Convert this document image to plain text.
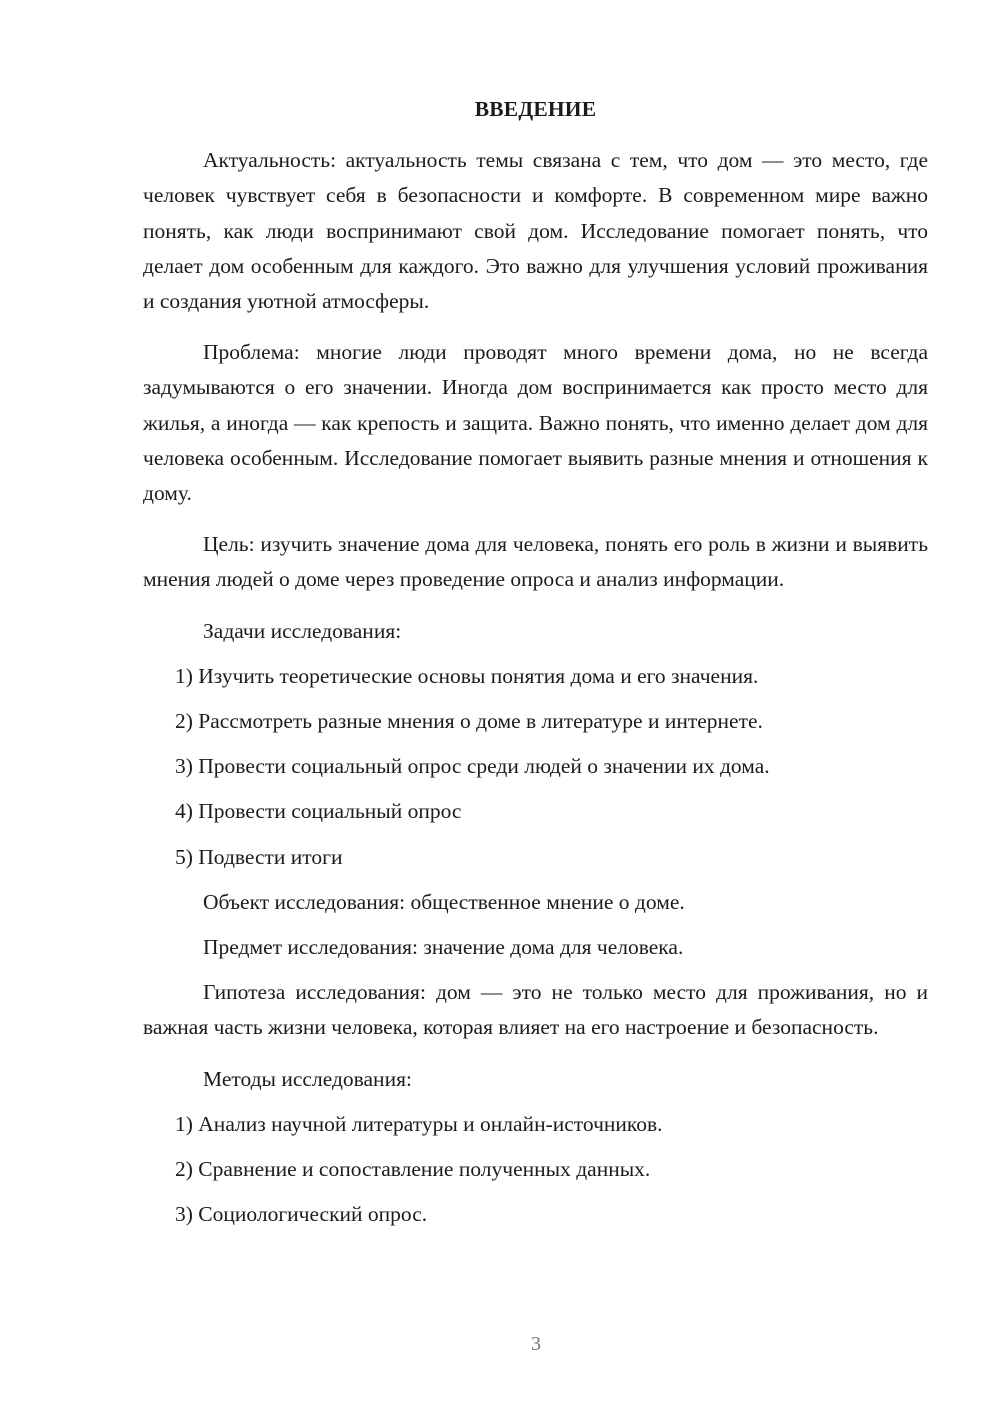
ВВЕДЕНИЕ

Актуальность: актуальность темы связана с тем, что дом — это место, где человек чувствует себя в безопасности и комфорте. В современном мире важно понять, как люди воспринимают свой дом. Исследование помогает понять, что делает дом особенным для каждого. Это важно для улучшения условий проживания и создания уютной атмосферы.

Проблема: многие люди проводят много времени дома, но не всегда задумываются о его значении. Иногда дом воспринимается как просто место для жилья, а иногда — как крепость и защита. Важно понять, что именно делает дом для человека особенным. Исследование помогает выявить разные мнения и отношения к дому.

Цель: изучить значение дома для человека, понять его роль в жизни и выявить мнения людей о доме через проведение опроса и анализ информации.

Задачи исследования:

1) Изучить теоретические основы понятия дома и его значения.

2) Рассмотреть разные мнения о доме в литературе и интернете.

3) Провести социальный опрос среди людей о значении их дома.

4) Провести социальный опрос

5) Подвести итоги

Объект исследования: общественное мнение о доме.

Предмет исследования: значение дома для человека.

Гипотеза исследования: дом — это не только место для проживания, но и важная часть жизни человека, которая влияет на его настроение и безопасность.

Методы исследования:

1) Анализ научной литературы и онлайн-источников.

2) Сравнение и сопоставление полученных данных.

3) Социологический опрос.

3
